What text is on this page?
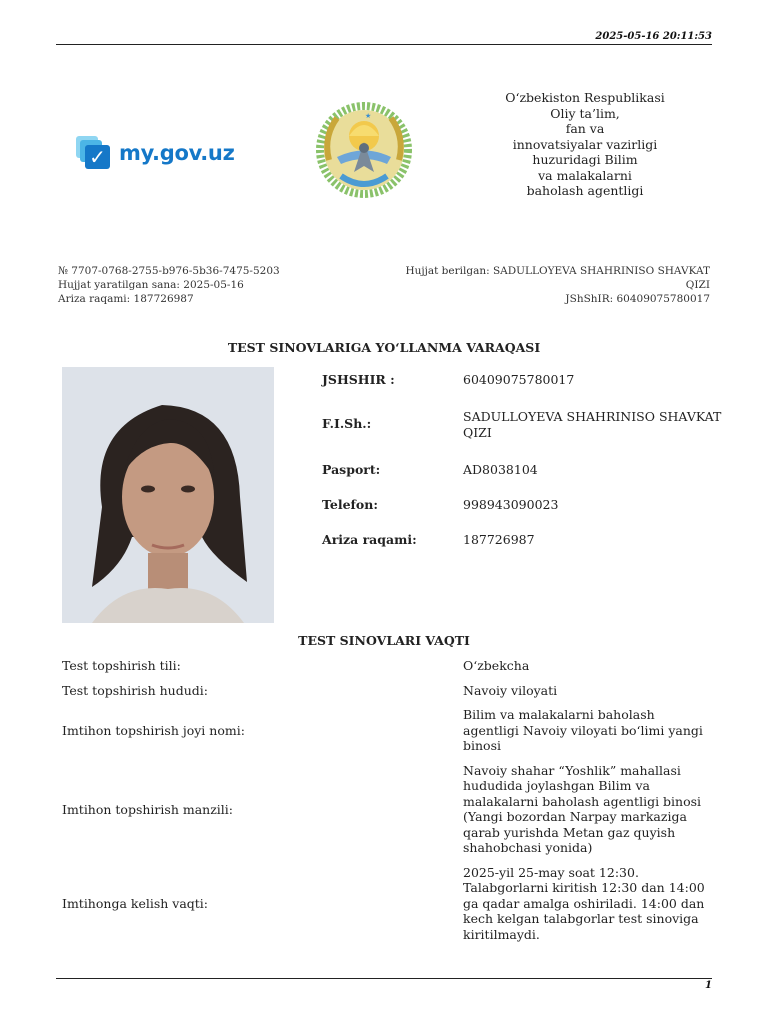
2025-05-16 20:11:53
✓ my.gov.uz
★
O‘zbekiston Respublikasi
Oliy ta’lim,
fan va
innovatsiyalar vazirligi
huzuridagi Bilim
va malakalarni
baholash agentligi
№ 7707-0768-2755-b976-5b36-7475-5203
Hujjat yaratilgan sana: 2025-05-16
Ariza raqami: 187726987
Hujjat berilgan: SADULLOYEVA SHAHRINISO SHAVKAT
QIZI
JShShIR: 60409075780017
TEST SINOVLARIGA YO‘LLANMA VARAQASI
JSHSHIR :	60409075780017
F.I.Sh.:	SADULLOYEVA SHAHRINISO SHAVKAT QIZI
Pasport:	AD8038104
Telefon:	998943090023
Ariza raqami:	187726987
TEST SINOVLARI VAQTI
Test topshirish tili:	O‘zbekcha
Test topshirish hududi:	Navoiy viloyati
Imtihon topshirish joyi nomi:
Bilim va malakalarni baholash agentligi Navoiy viloyati bo‘limi yangi binosi
Imtihon topshirish manzili:
Navoiy shahar “Yoshlik” mahallasi hududida joylashgan Bilim va malakalarni baholash agentligi binosi (Yangi bozordan Narpay markaziga qarab yurishda Metan gaz quyish shahobchasi yonida)
Imtihonga kelish vaqti:
2025-yil 25-may soat 12:30. Talabgorlarni kiritish 12:30 dan 14:00 ga qadar amalga oshiriladi. 14:00 dan kech kelgan talabgorlar test sinoviga kiritilmaydi.
1
